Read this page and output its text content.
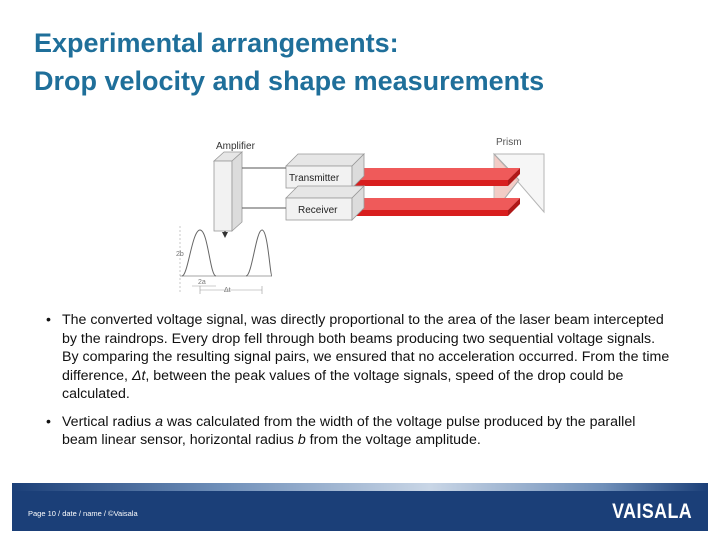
Experimental arrangements:
Drop velocity and shape measurements
Amplifier
Transmitter
Receiver
Prism
2b
2a
Δt
• The converted voltage signal, was directly proportional to the area of the laser beam intercepted by the raindrops. Every drop fell through both beams producing two sequential voltage signals. By comparing the resulting signal pairs, we ensured that no acceleration occurred. From the time difference, Δt, between the peak values of the voltage signals, speed of the drop could be calculated.
• Vertical radius a was calculated from the width of the voltage pulse produced by the parallel beam linear sensor, horizontal radius b from the voltage amplitude.
Page 10 / date / name / ©Vaisala	VAISALA
